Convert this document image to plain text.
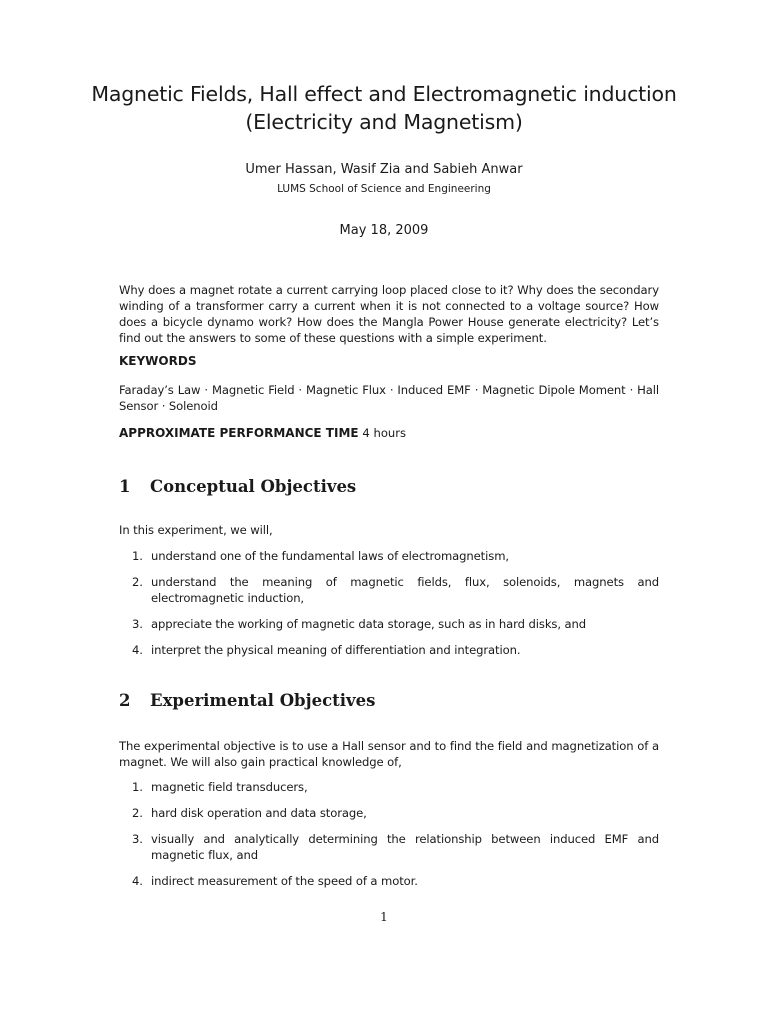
Magnetic Fields, Hall effect and Electromagnetic induction
(Electricity and Magnetism)
Umer Hassan, Wasif Zia and Sabieh Anwar
LUMS School of Science and Engineering
May 18, 2009
Why does a magnet rotate a current carrying loop placed close to it? Why does the secondary winding of a transformer carry a current when it is not connected to a voltage source? How does a bicycle dynamo work? How does the Mangla Power House generate electricity? Let’s find out the answers to some of these questions with a simple experiment.
KEYWORDS
Faraday’s Law · Magnetic Field · Magnetic Flux · Induced EMF · Magnetic Dipole Moment · Hall Sensor · Solenoid
APPROXIMATE PERFORMANCE TIME 4 hours
1 Conceptual Objectives
In this experiment, we will,
1. understand one of the fundamental laws of electromagnetism,
2. understand the meaning of magnetic fields, flux, solenoids, magnets and electromagnetic induction,
3. appreciate the working of magnetic data storage, such as in hard disks, and
4. interpret the physical meaning of differentiation and integration.
2 Experimental Objectives
The experimental objective is to use a Hall sensor and to find the field and magnetization of a magnet. We will also gain practical knowledge of,
1. magnetic field transducers,
2. hard disk operation and data storage,
3. visually and analytically determining the relationship between induced EMF and magnetic flux, and
4. indirect measurement of the speed of a motor.
1
